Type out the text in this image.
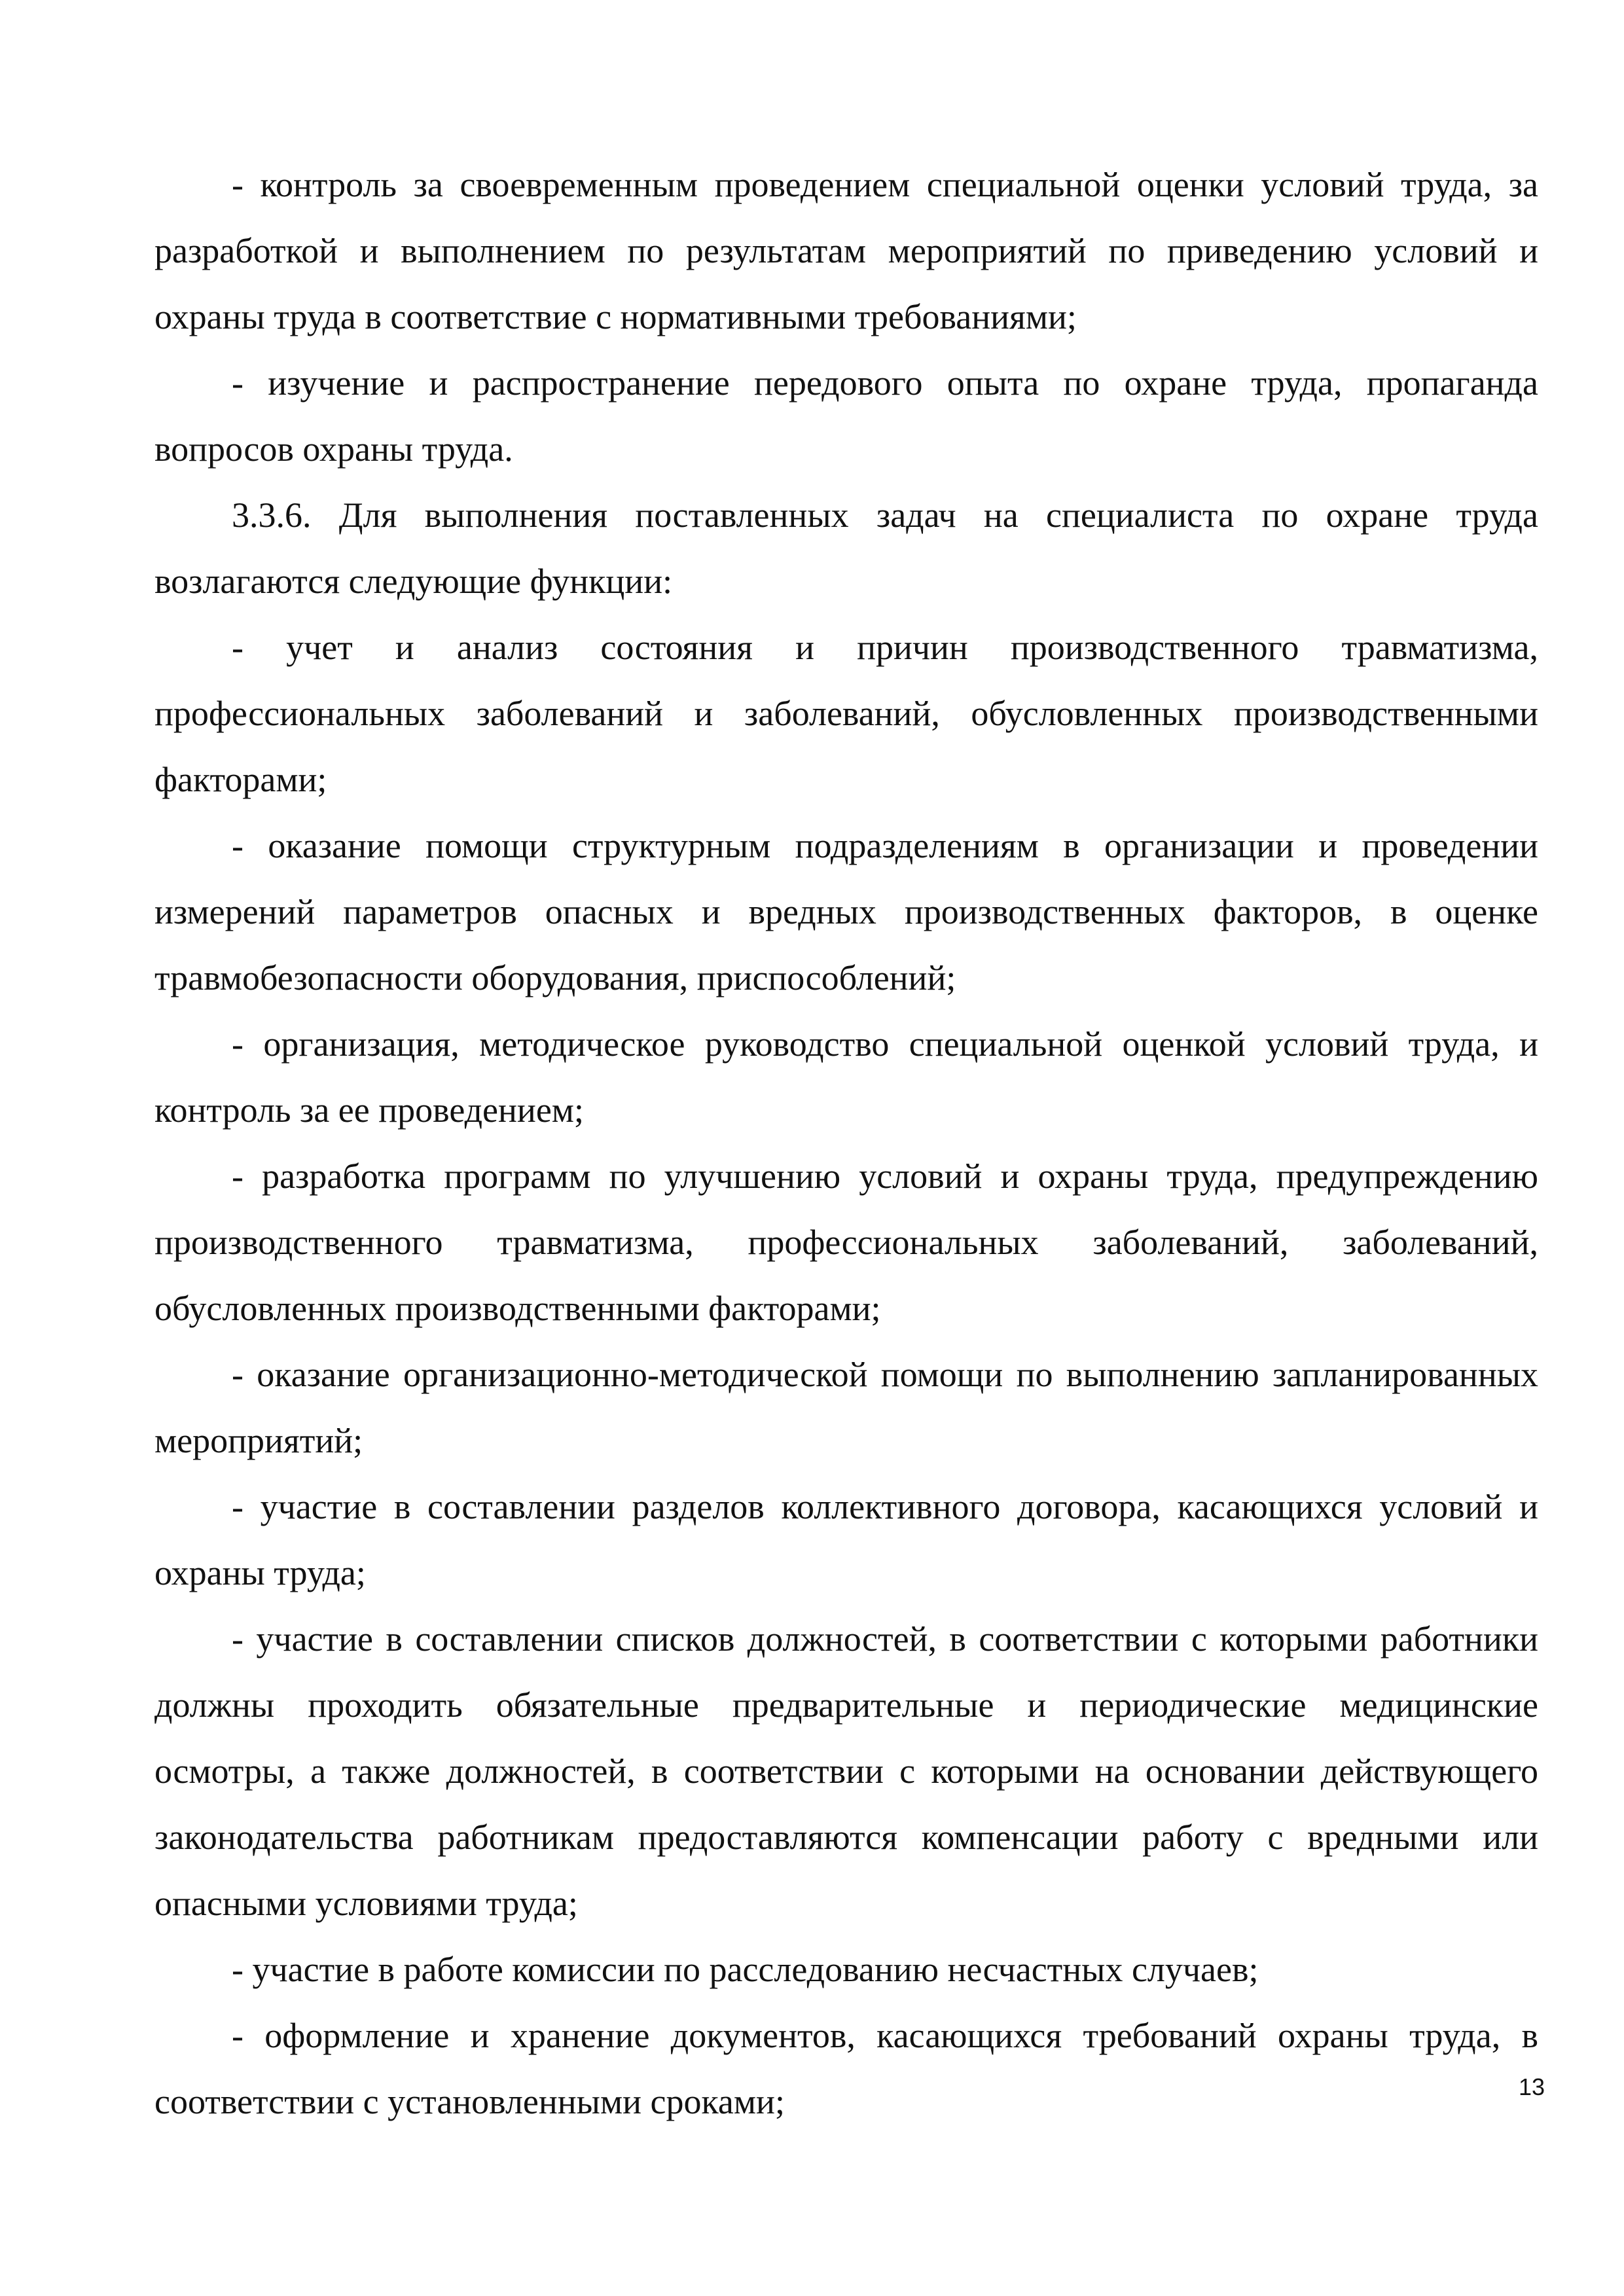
- контроль за своевременным проведением специальной оценки условий труда, за разработкой и выполнением по результатам мероприятий по приведению условий и охраны труда в соответствие с нормативными требованиями;

- изучение и распространение передового опыта по охране труда, пропаганда вопросов охраны труда.

3.3.6. Для выполнения поставленных задач на специалиста по охране труда возлагаются следующие функции:

- учет и анализ состояния и причин производственного травматизма, профессиональных заболеваний и заболеваний, обусловленных производственными факторами;

- оказание помощи структурным подразделениям в организации и проведении измерений параметров опасных и вредных производственных факторов, в оценке травмобезопасности оборудования, приспособлений;

- организация, методическое руководство специальной оценкой условий труда, и контроль за ее проведением;

- разработка программ по улучшению условий и охраны труда, предупреждению производственного травматизма, профессиональных заболеваний, заболеваний, обусловленных производственными факторами;

- оказание организационно-методической помощи по выполнению запланированных мероприятий;

- участие в составлении разделов коллективного договора, касающихся условий и охраны труда;

- участие в составлении списков должностей, в соответствии с которыми работники должны проходить обязательные предварительные и периодические медицинские осмотры, а также должностей, в соответствии с которыми на основании действующего законодательства работникам предоставляются компенсации работу с вредными или опасными условиями труда;

- участие в работе комиссии по расследованию несчастных случаев;

- оформление и хранение документов, касающихся требований охраны труда, в соответствии с установленными сроками;	13
